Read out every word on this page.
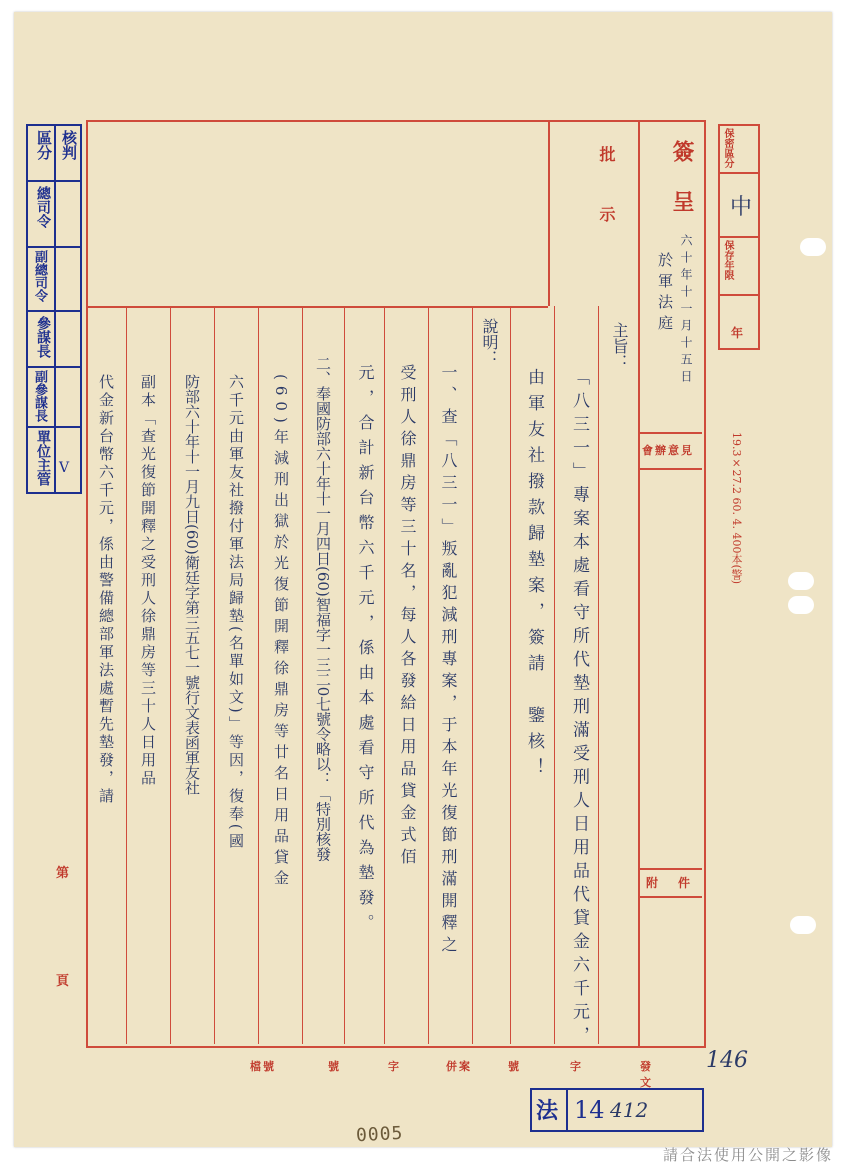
核判
區分
總司令
副總司令
參謀長
副參謀長
單位主管 V
保密區分
中
保存年限
年
19.3×27.2 60. 4. 400本(警)
簽呈
批示
六十年十一月十五日
於軍法庭
會辦意見
附件
第
頁
主旨：
「八三一」專案本處看守所代墊刑滿受刑人日用品代貸金六千元，
由軍友社撥款歸墊案，簽請　鑒核！
說明：
一、查「八三一」叛亂犯減刑專案，于本年光復節刑滿開釋之
受刑人徐鼎房等三十名，每人各發給日用品貸金式佰
元，合計新台幣六千元，係由本處看守所代為墊發。
二、奉國防部六十年十一月四日(60)智福字一三二0七號令略以：「特別核發
(60)年減刑出獄於光復節開釋徐鼎房等廿名日用品貸金
六千元由軍友社撥付軍法局歸墊(名單如文)」等因，復奉(國
防部六十年十一月九日(60)衛廷字第三五七一號行文表函軍友社
副本「查光復節開釋之受刑人徐鼎房等三十人日用品
代金新台幣六千元，係由警備總部軍法處暫先墊發，請
檔號	號	字	併案	號	字	發文
146
法 14 412
0005
請合法使用公開之影像
